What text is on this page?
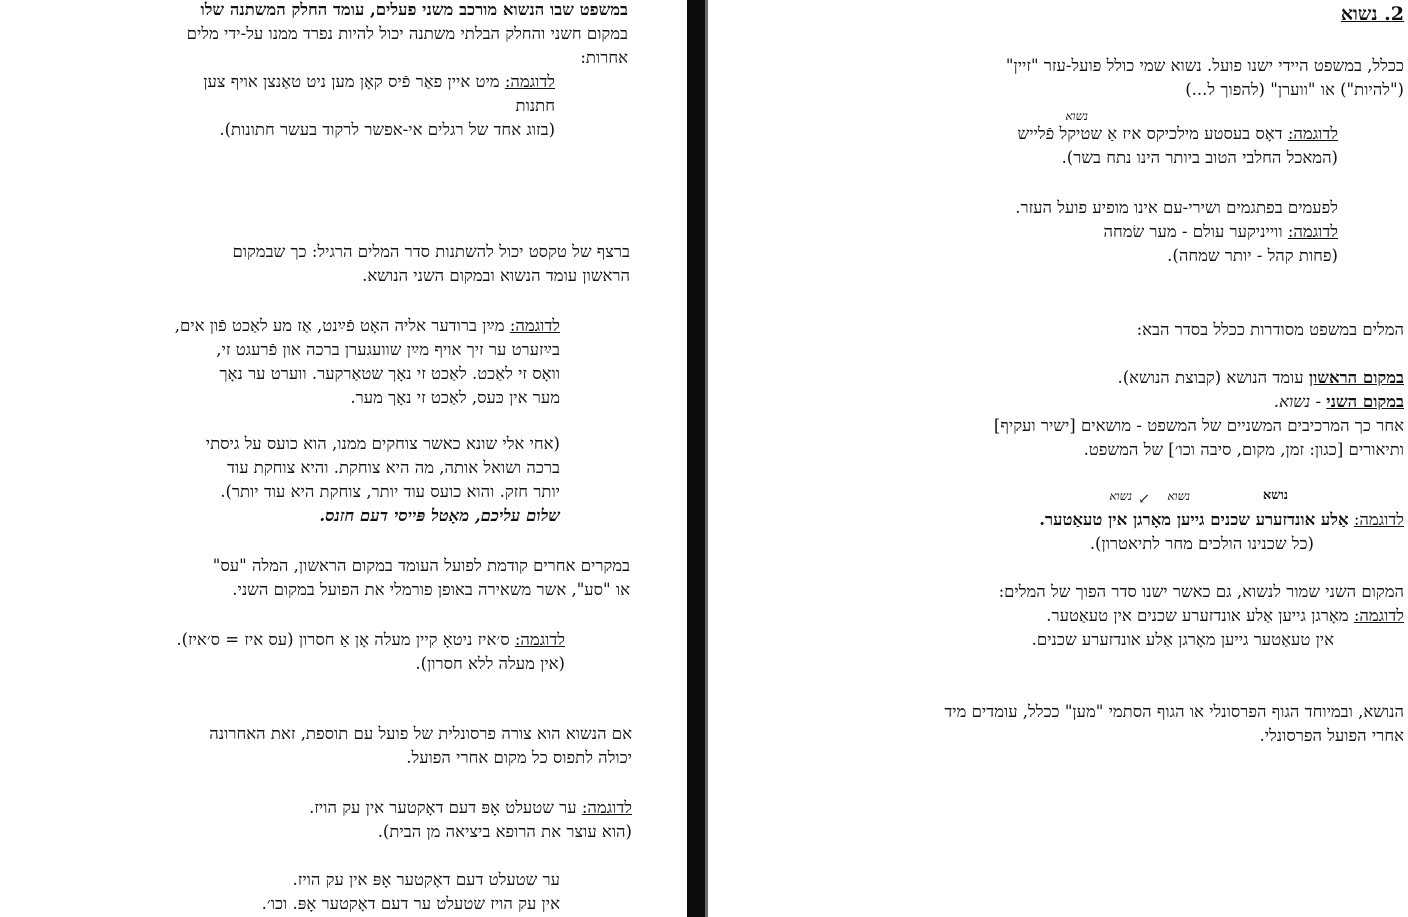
במשפט שבו הנשוא מורכב משני פעלים, עומד החלק המשתנה שלו
במקום חשני והחלק הבלתי משתנה יכול להיות נפרד ממנו על-ידי מלים
אחרות:
לדוגמה: מיט איין פאַר פֿיס קאָן מען ניט טאַנצן אויף צען
חתנות
(בזוג אחד של רגלים אי-אפשר לרקוד בעשר חתונות).
ברצף של טקסט יכול להשתנות סדר המלים הרגיל: כך שבמקום
הראשון עומד הנשוא ובמקום השני הנושא.
לדוגמה: מײַן ברודער אליה האָט פֿײַנט, אַז מע לאַכט פֿון אים,
בײַזערט ער זיך אויף מײַן שוועגערן ברכה און פֿרעגט זי,
וואָס זי לאַכט. לאַכט זי נאָך שטאַרקער. ווערט ער נאָך
מער אין כּעס, לאַכט זי נאָך מער.
(אחי אלי שונא כאשר צוחקים ממנו, הוא כועס על גיסתי
ברכה ושואל אותה, מה היא צוחקת. והיא צוחקת עוד
יותר חזק. והוא כועס עוד יותר, צוחקת היא עוד יותר).
שלום עליכם, מאָטל פּייסי דעם חזנס.
במקרים אחרים קודמת לפועל העומד במקום הראשון, המלה "עס"
או "סע", אשר משאירה באופן פורמלי את הפועל במקום השני.
לדוגמה: ס׳איז ניטאָ קיין מעלה אָן אַ חסרון (עס איז = ס׳איז).
(אין מעלה ללא חסרון).
אם הנשוא הוא צורה פרסונלית של פועל עם תוספת, זאת האחרונה
יכולה לתפוס כל מקום אחרי הפועל.
לדוגמה: ער שטעלט אָפּ דעם דאָקטער אין עק הויז.
(הוא עוצר את הרופא ביציאה מן הבית).
ער שטעלט דעם דאָקטער אָפּ אין עק הויז.
אין עק הויז שטעלט ער דעם דאָקטער אָפּ. וכו׳.
2. נשוא
ככלל, במשפט היידי ישנו פועל. נשוא שמי כולל פועל-עזר "זיין"
("להיות") או "ווערן" (להפוך ל...)
נשוא
לדוגמה: דאָס בעסטע מילכיקס איז אַ שטיקל פֿלייש
(המאכל החלבי הטוב ביותר הינו נתח בשר).
לפעמים בפתגמים ושירי-עם אינו מופיע פועל העזר.
לדוגמה: ווייניקער עולם - מער שׂמחה
(פחות קהל - יותר שמחה).
המלים במשפט מסודרות ככלל בסדר הבא:
במקום הראשון עומד הנושא (קבוצת הנושא).
במקום השני - נשוא.
אחר כך המרכיבים המשניים של המשפט - מושאים [ישיר ועקיף]
ותיאורים [כגון: זמן, מקום, סיבה וכו׳] של המשפט.
נושא
נשוא
נשוא ↙
לדוגמה: אַלע אונדזערע שכנים גייען מאָרגן אין טעאַטער.
(כל שכנינו הולכים מחר לתיאטרון).
המקום השני שמור לנשוא, גם כאשר ישנו סדר הפוך של המלים:
לדוגמה: מאָרגן גייען אַלע אונדזערע שכנים אין טעאַטער.
אין טעאַטער גייען מאָרגן אַלע אונדזערע שכנים.
הנושא, ובמיוחד הגוף הפרסונלי או הגוף הסתמי "מען" ככלל, עומדים מיד
אחרי הפועל הפרסונלי.
